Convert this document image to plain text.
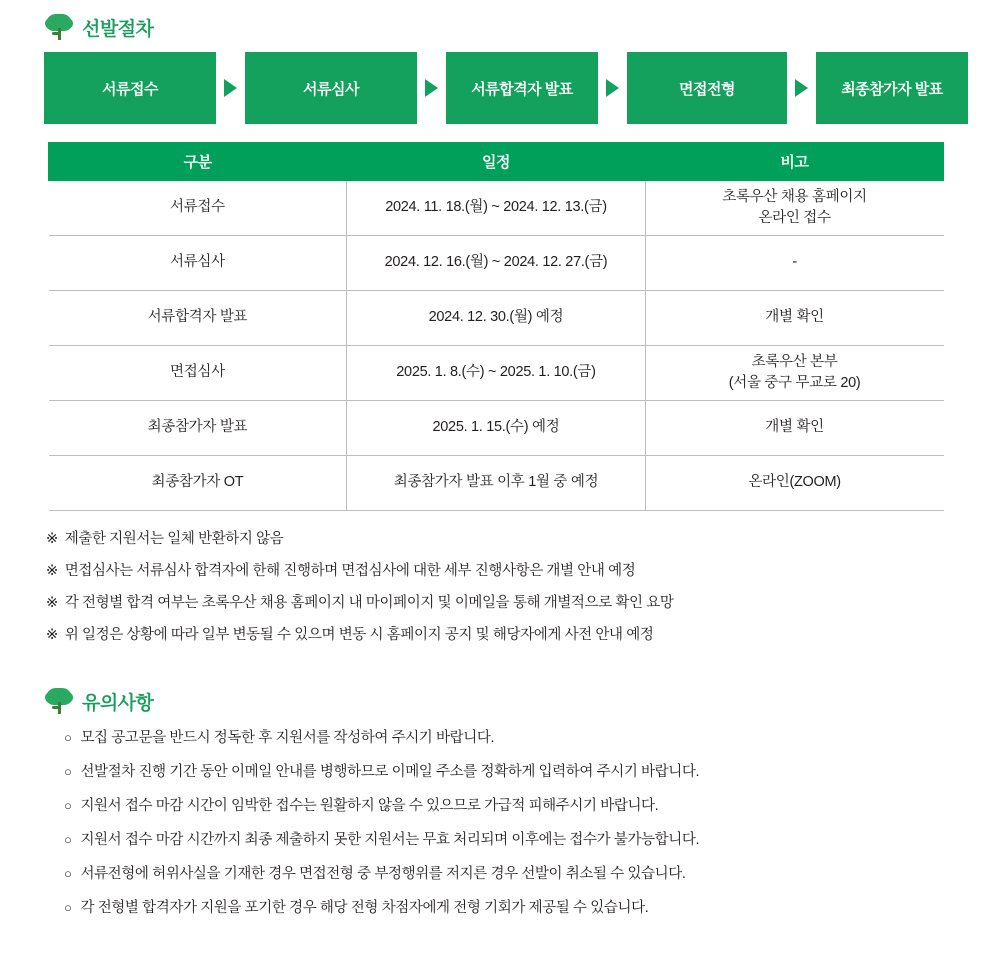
선발절차
서류접수	서류심사	서류합격자 발표	면접전형	최종참가자 발표
구분	일정	비고
서류접수	2024. 11. 18.(월) ~ 2024. 12. 13.(금)	초록우산 채용 홈페이지
온라인 접수

서류심사	2024. 12. 16.(월) ~ 2024. 12. 27.(금)	-

서류합격자 발표	2024. 12. 30.(월) 예정	개별 확인

면접심사	2025. 1. 8.(수) ~ 2025. 1. 10.(금)	초록우산 본부
(서울 중구 무교로 20)

최종참가자 발표	2025. 1. 15.(수) 예정	개별 확인

최종참가자 OT	최종참가자 발표 이후 1월 중 예정	온라인(ZOOM)
※ 제출한 지원서는 일체 반환하지 않음
※ 면접심사는 서류심사 합격자에 한해 진행하며 면접심사에 대한 세부 진행사항은 개별 안내 예정
※ 각 전형별 합격 여부는 초록우산 채용 홈페이지 내 마이페이지 및 이메일을 통해 개별적으로 확인 요망
※ 위 일정은 상황에 따라 일부 변동될 수 있으며 변동 시 홈페이지 공지 및 해당자에게 사전 안내 예정
유의사항
○ 모집 공고문을 반드시 정독한 후 지원서를 작성하여 주시기 바랍니다.
○ 선발절차 진행 기간 동안 이메일 안내를 병행하므로 이메일 주소를 정확하게 입력하여 주시기 바랍니다.
○ 지원서 접수 마감 시간이 임박한 접수는 원활하지 않을 수 있으므로 가급적 피해주시기 바랍니다.
○ 지원서 접수 마감 시간까지 최종 제출하지 못한 지원서는 무효 처리되며 이후에는 접수가 불가능합니다.
○ 서류전형에 허위사실을 기재한 경우 면접전형 중 부정행위를 저지른 경우 선발이 취소될 수 있습니다.
○ 각 전형별 합격자가 지원을 포기한 경우 해당 전형 차점자에게 전형 기회가 제공될 수 있습니다.
